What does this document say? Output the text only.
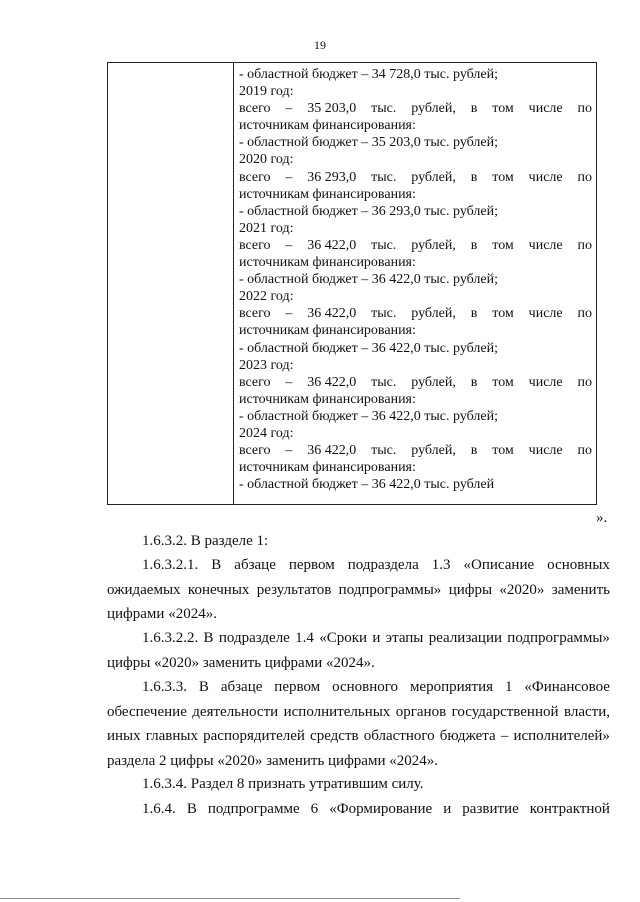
19
- областной бюджет – 34 728,0 тыс. рублей;
2019 год:
всего – 35 203,0 тыс. рублей, в том числе по
источникам финансирования:
- областной бюджет – 35 203,0 тыс. рублей;
2020 год:
всего – 36 293,0 тыс. рублей, в том числе по
источникам финансирования:
- областной бюджет – 36 293,0 тыс. рублей;
2021 год:
всего – 36 422,0 тыс. рублей, в том числе по
источникам финансирования:
- областной бюджет – 36 422,0 тыс. рублей;
2022 год:
всего – 36 422,0 тыс. рублей, в том числе по
источникам финансирования:
- областной бюджет – 36 422,0 тыс. рублей;
2023 год:
всего – 36 422,0 тыс. рублей, в том числе по
источникам финансирования:
- областной бюджет – 36 422,0 тыс. рублей;
2024 год:
всего – 36 422,0 тыс. рублей, в том числе по
источникам финансирования:
- областной бюджет – 36 422,0 тыс. рублей
».
1.6.3.2. В разделе 1:
1.6.3.2.1. В абзаце первом подраздела 1.3 «Описание основных
ожидаемых конечных результатов подпрограммы» цифры «2020» заменить
цифрами «2024».
1.6.3.2.2. В подразделе 1.4 «Сроки и этапы реализации подпрограммы»
цифры «2020» заменить цифрами «2024».
1.6.3.3. В абзаце первом основного мероприятия 1 «Финансовое
обеспечение деятельности исполнительных органов государственной власти,
иных главных распорядителей средств областного бюджета – исполнителей»
раздела 2 цифры «2020» заменить цифрами «2024».
1.6.3.4. Раздел 8 признать утратившим силу.
1.6.4. В подпрограмме 6 «Формирование и развитие контрактной
